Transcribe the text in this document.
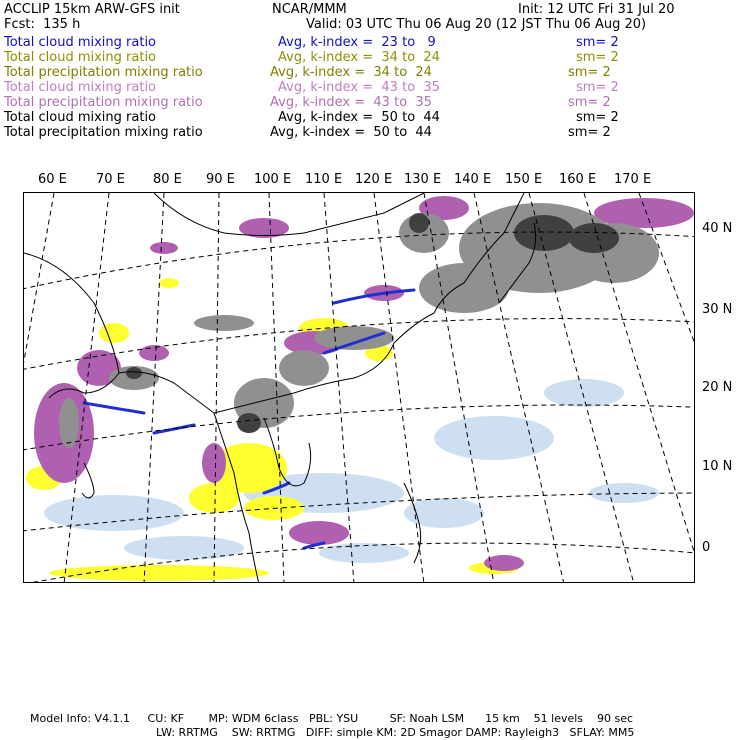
ACCLIP 15km ARW-GFS init	NCAR/MMM	Init: 12 UTC Fri 31 Jul 20
Fcst:  135 h	Valid: 03 UTC Thu 06 Aug 20 (12 JST Thu 06 Aug 20)
Total cloud mixing ratio	Avg, k-index =  23 to   9	sm= 2
Total cloud mixing ratio	Avg, k-index =  34 to  24	sm= 2
Total precipitation mixing ratio	Avg, k-index =  34 to  24	sm= 2
Total cloud mixing ratio	Avg, k-index =  43 to  35	sm= 2
Total precipitation mixing ratio	Avg, k-index =  43 to  35	sm= 2
Total cloud mixing ratio	Avg, k-index =  50 to  44	sm= 2
Total precipitation mixing ratio	Avg, k-index =  50 to  44	sm= 2
60 E 70 E 80 E 90 E 100 E 110 E 120 E 130 E 140 E 150 E 160 E 170 E
40 N
30 N
20 N
10 N
0
Model Info: V4.1.1     CU: KF       MP: WDM 6class   PBL: YSU         SF: Noah LSM      15 km    51 levels    90 sec
LW: RRTMG    SW: RRTMG   DIFF: simple KM: 2D Smagor DAMP: Rayleigh3   SFLAY: MM5
